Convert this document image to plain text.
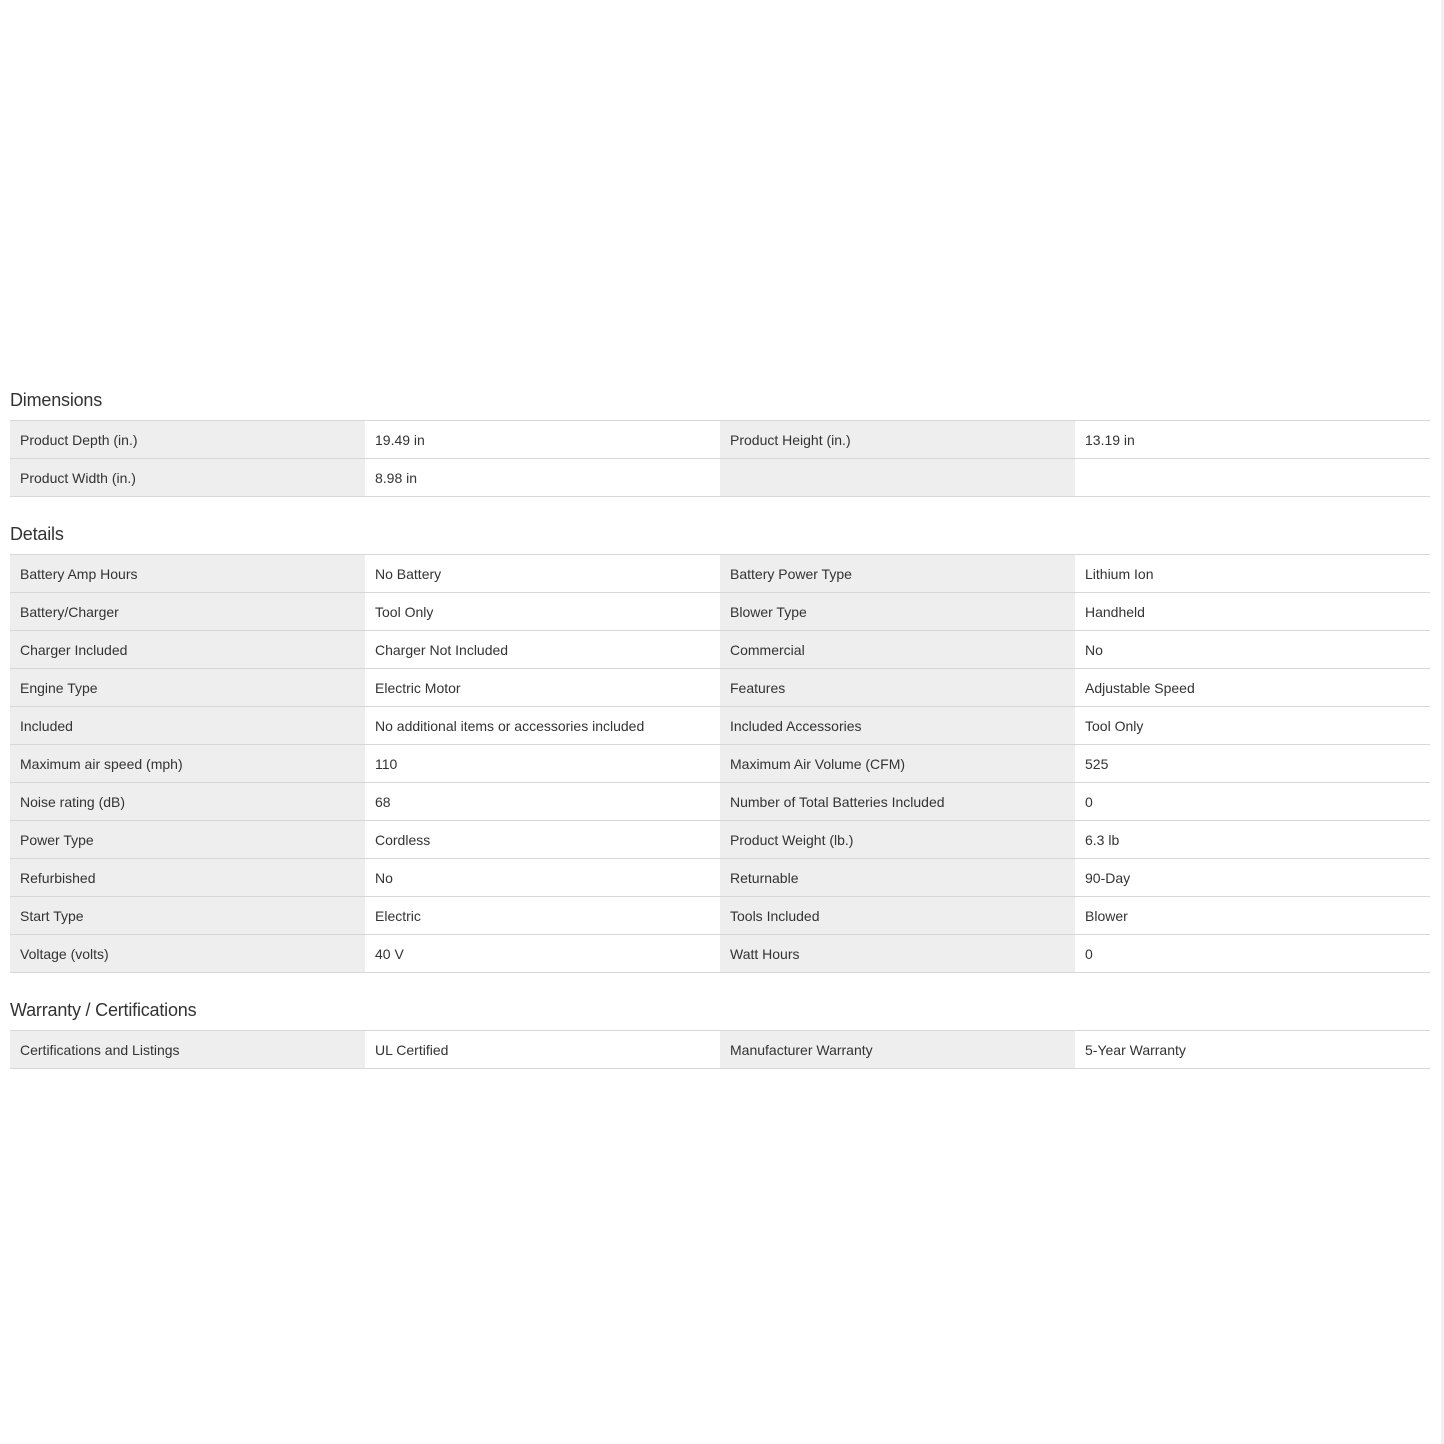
Dimensions
Product Depth (in.)	19.49 in	Product Height (in.)	13.19 in
Product Width (in.)	8.98 in		
Details
Battery Amp Hours	No Battery	Battery Power Type	Lithium Ion
Battery/Charger	Tool Only	Blower Type	Handheld
Charger Included	Charger Not Included	Commercial	No
Engine Type	Electric Motor	Features	Adjustable Speed
Included	No additional items or accessories included	Included Accessories	Tool Only
Maximum air speed (mph)	110	Maximum Air Volume (CFM)	525
Noise rating (dB)	68	Number of Total Batteries Included	0
Power Type	Cordless	Product Weight (lb.)	6.3 lb
Refurbished	No	Returnable	90-Day
Start Type	Electric	Tools Included	Blower
Voltage (volts)	40 V	Watt Hours	0
Warranty / Certifications
Certifications and Listings	UL Certified	Manufacturer Warranty	5-Year Warranty
